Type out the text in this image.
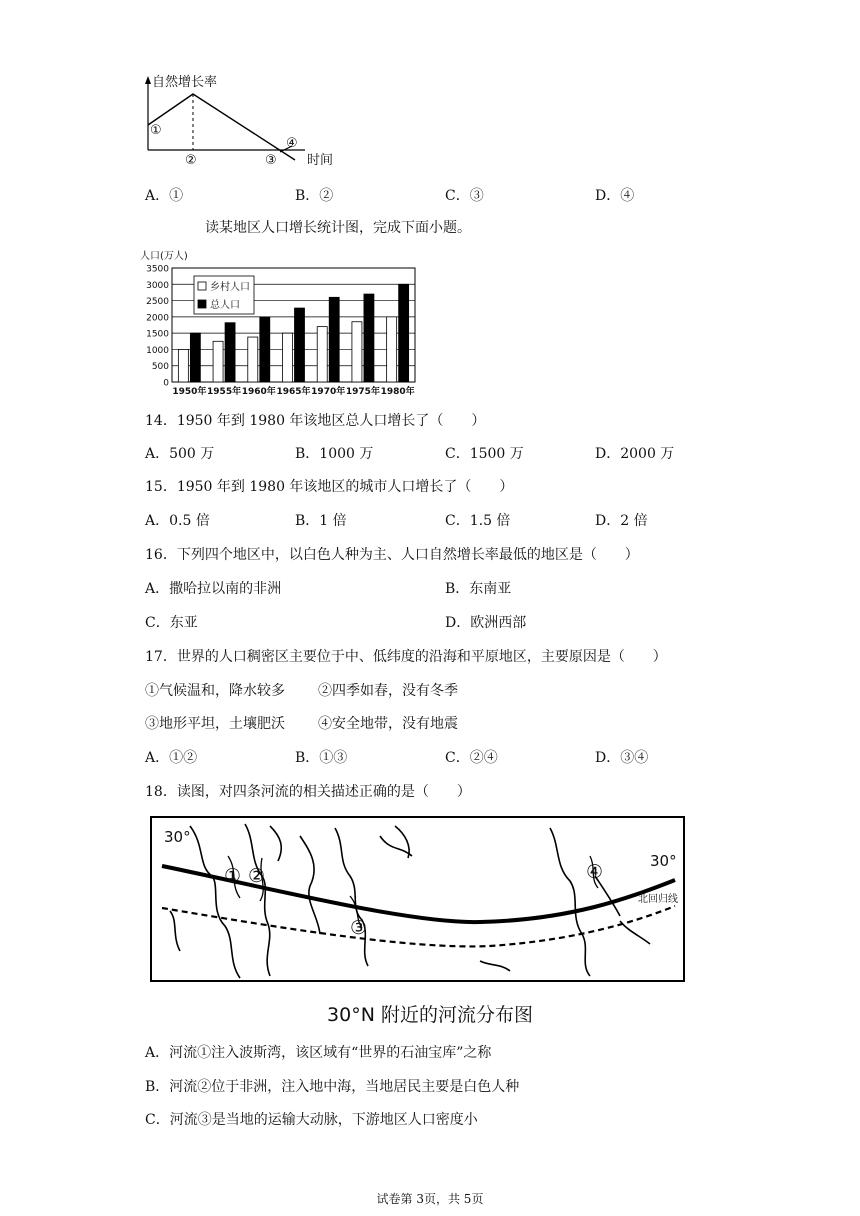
自然增长率
时间
①
②	③
④
A．①	B．②	C．③	D．④
读某地区人口增长统计图，完成下面小题。
人口(万人)
0
500
1000
1500
2000
2500
3000
3500
1950年 1955年 1960年 1965年 1970年 1975年 1980年
乡村人口
总人口
14．1950 年到 1980 年该地区总人口增长了（　　）
A．500 万	B．1000 万	C．1500 万	D．2000 万
15．1950 年到 1980 年该地区的城市人口增长了（　　）
A．0.5 倍	B．1 倍	C．1.5 倍	D．2 倍
16．下列四个地区中，以白色人种为主、人口自然增长率最低的地区是（　　）
A．撒哈拉以南的非洲	B．东南亚
C．东亚	D．欧洲西部
17．世界的人口稠密区主要位于中、低纬度的沿海和平原地区，主要原因是（　　）
①气候温和，降水较多 ②四季如春，没有冬季
③地形平坦，土壤肥沃 ④安全地带，没有地震
A．①②	B．①③	C．②④	D．③④
18．读图，对四条河流的相关描述正确的是（　　）
30°
30°
北回归线
① ②
③
④
30°N 附近的河流分布图
A．河流①注入波斯湾，该区域有“世界的石油宝库”之称
B．河流②位于非洲，注入地中海，当地居民主要是白色人种
C．河流③是当地的运输大动脉，下游地区人口密度小
试卷第 3页，共 5页
